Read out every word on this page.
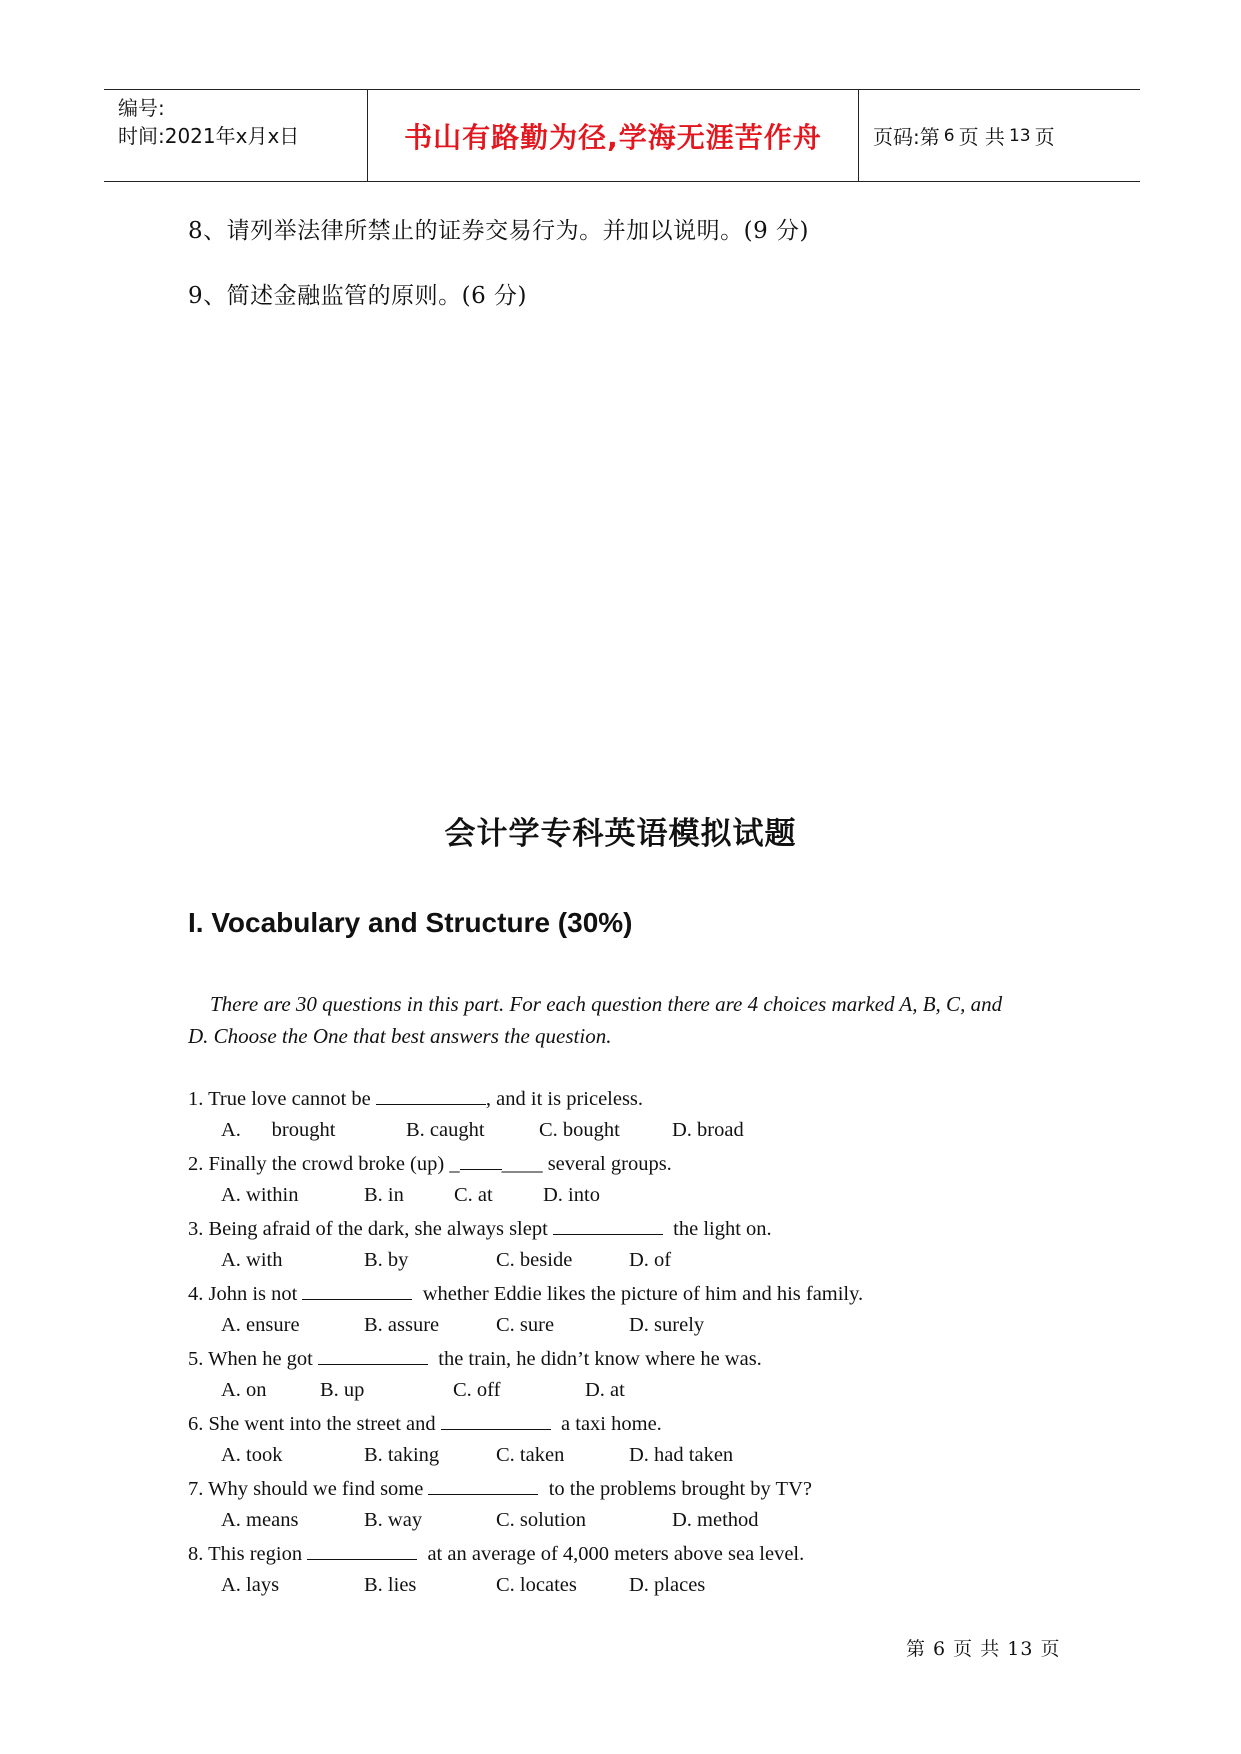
编号:
时间:2021年x月x日	书山有路勤为径,学海无涯苦作舟	页码:第 6 页 共 13 页
8、请列举法律所禁止的证券交易行为。并加以说明。(9 分)
9、简述金融监管的原则。(6 分)
会计学专科英语模拟试题
I. Vocabulary and Structure (30%)
There are 30 questions in this part. For each question there are 4 choices marked A, B, C, and
D. Choose the One that best answers the question.
1. True love cannot be	, and it is priceless.
A.      brought	B. caught	C. bought	D. broad
2. Finally the crowd broke (up) _ ____ several groups.
A. within	B. in C. at D. into
3. Being afraid of the dark, she always slept	the light on.
A. with	B. by	C. beside	D. of
4. John is not	whether Eddie likes the picture of him and his family.
A. ensure	B. assure	C. sure	D. surely
5. When he got	the train, he didn’t know where he was.
A. on	B. up	C. off	D. at
6. She went into the street and	a taxi home.
A. took	B. taking	C. taken	D. had taken
7. Why should we find some	to the problems brought by TV?
A. means	B. way	C. solution	D. method
8. This region	at an average of 4,000 meters above sea level.
A. lays	B. lies	C. locates	D. places
第 6 页 共 13 页
